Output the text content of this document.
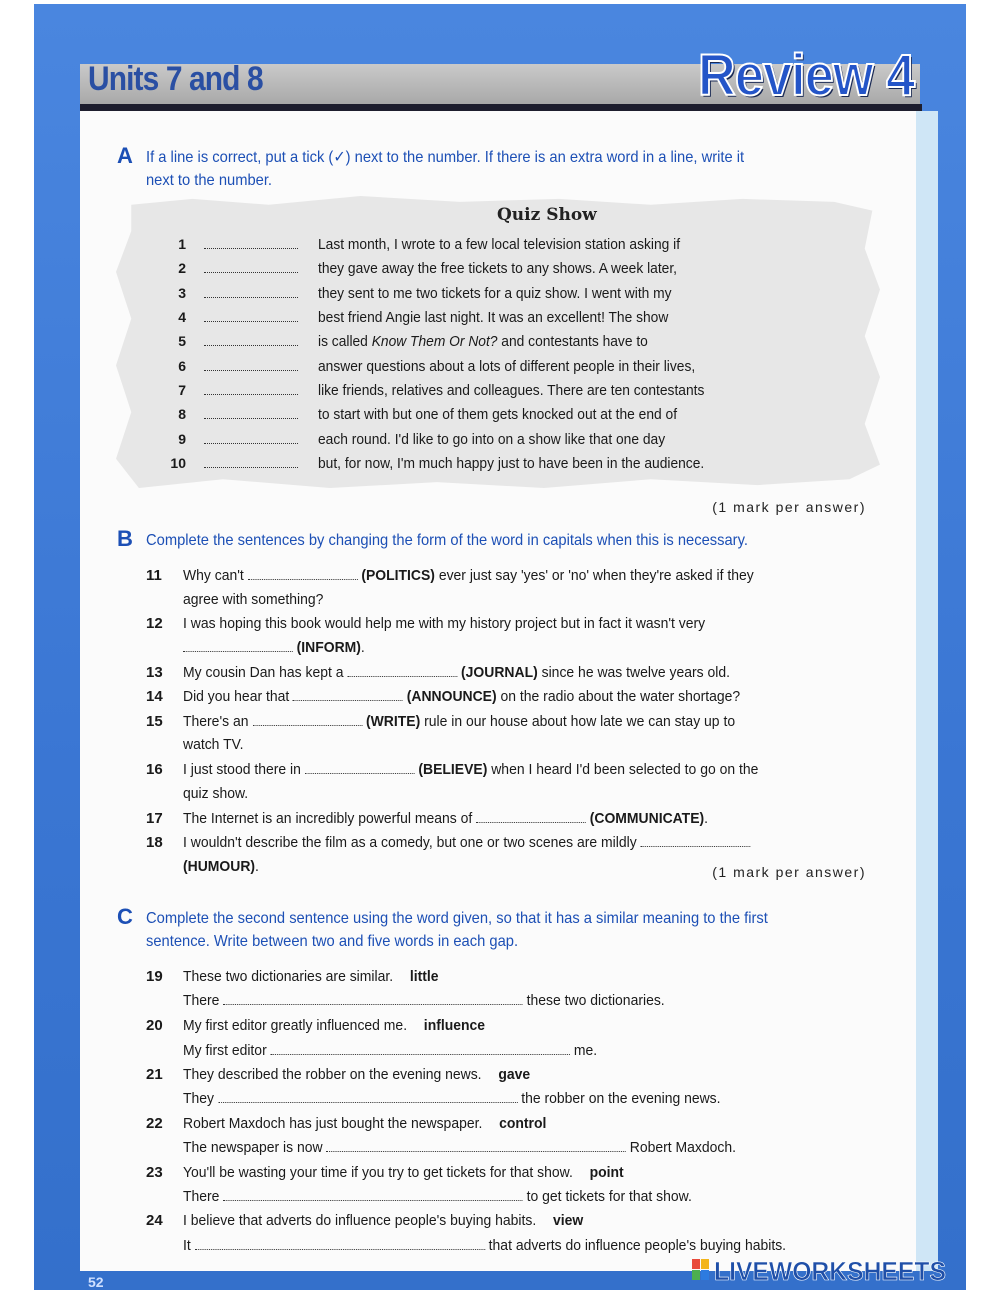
Units 7 and 8	Review 4
A If a line is correct, put a tick (✓) next to the number. If there is an extra word in a line, write it
next to the number.
Quiz Show
1	Last month, I wrote to a few local television station asking if
2	they gave away the free tickets to any shows. A week later,
3	they sent to me two tickets for a quiz show. I went with my
4	best friend Angie last night. It was an excellent! The show
5	is called Know Them Or Not? and contestants have to
6	answer questions about a lots of different people in their lives,
7	like friends, relatives and colleagues. There are ten contestants
8	to start with but one of them gets knocked out at the end of
9	each round. I'd like to go into on a show like that one day
10	but, for now, I'm much happy just to have been in the audience.
(1 mark per answer)
B Complete the sentences by changing the form of the word in capitals when this is necessary.
11	Why can't	(POLITICS) ever just say 'yes' or 'no' when they're asked if they
agree with something?
12	I was hoping this book would help me with my history project but in fact it wasn't very
(INFORM).
13	My cousin Dan has kept a	(JOURNAL) since he was twelve years old.
14	Did you hear that	(ANNOUNCE) on the radio about the water shortage?
15	There's an	(WRITE) rule in our house about how late we can stay up to
watch TV.
16	I just stood there in	(BELIEVE) when I heard I'd been selected to go on the
quiz show.
17	The Internet is an incredibly powerful means of	(COMMUNICATE).
18	I wouldn't describe the film as a comedy, but one or two scenes are mildly
(HUMOUR).	(1 mark per answer)
C Complete the second sentence using the word given, so that it has a similar meaning to the first
sentence. Write between two and five words in each gap.
19	These two dictionaries are similar. little
There	these two dictionaries.
20	My first editor greatly influenced me. influence
My first editor	me.
21	They described the robber on the evening news. gave
They	the robber on the evening news.
22	Robert Maxdoch has just bought the newspaper. control
The newspaper is now	Robert Maxdoch.
23	You'll be wasting your time if you try to get tickets for that show. point
There	to get tickets for that show.
24	I believe that adverts do influence people's buying habits. view
It	that adverts do influence people's buying habits.
52	LIVEWORKSHEETS
